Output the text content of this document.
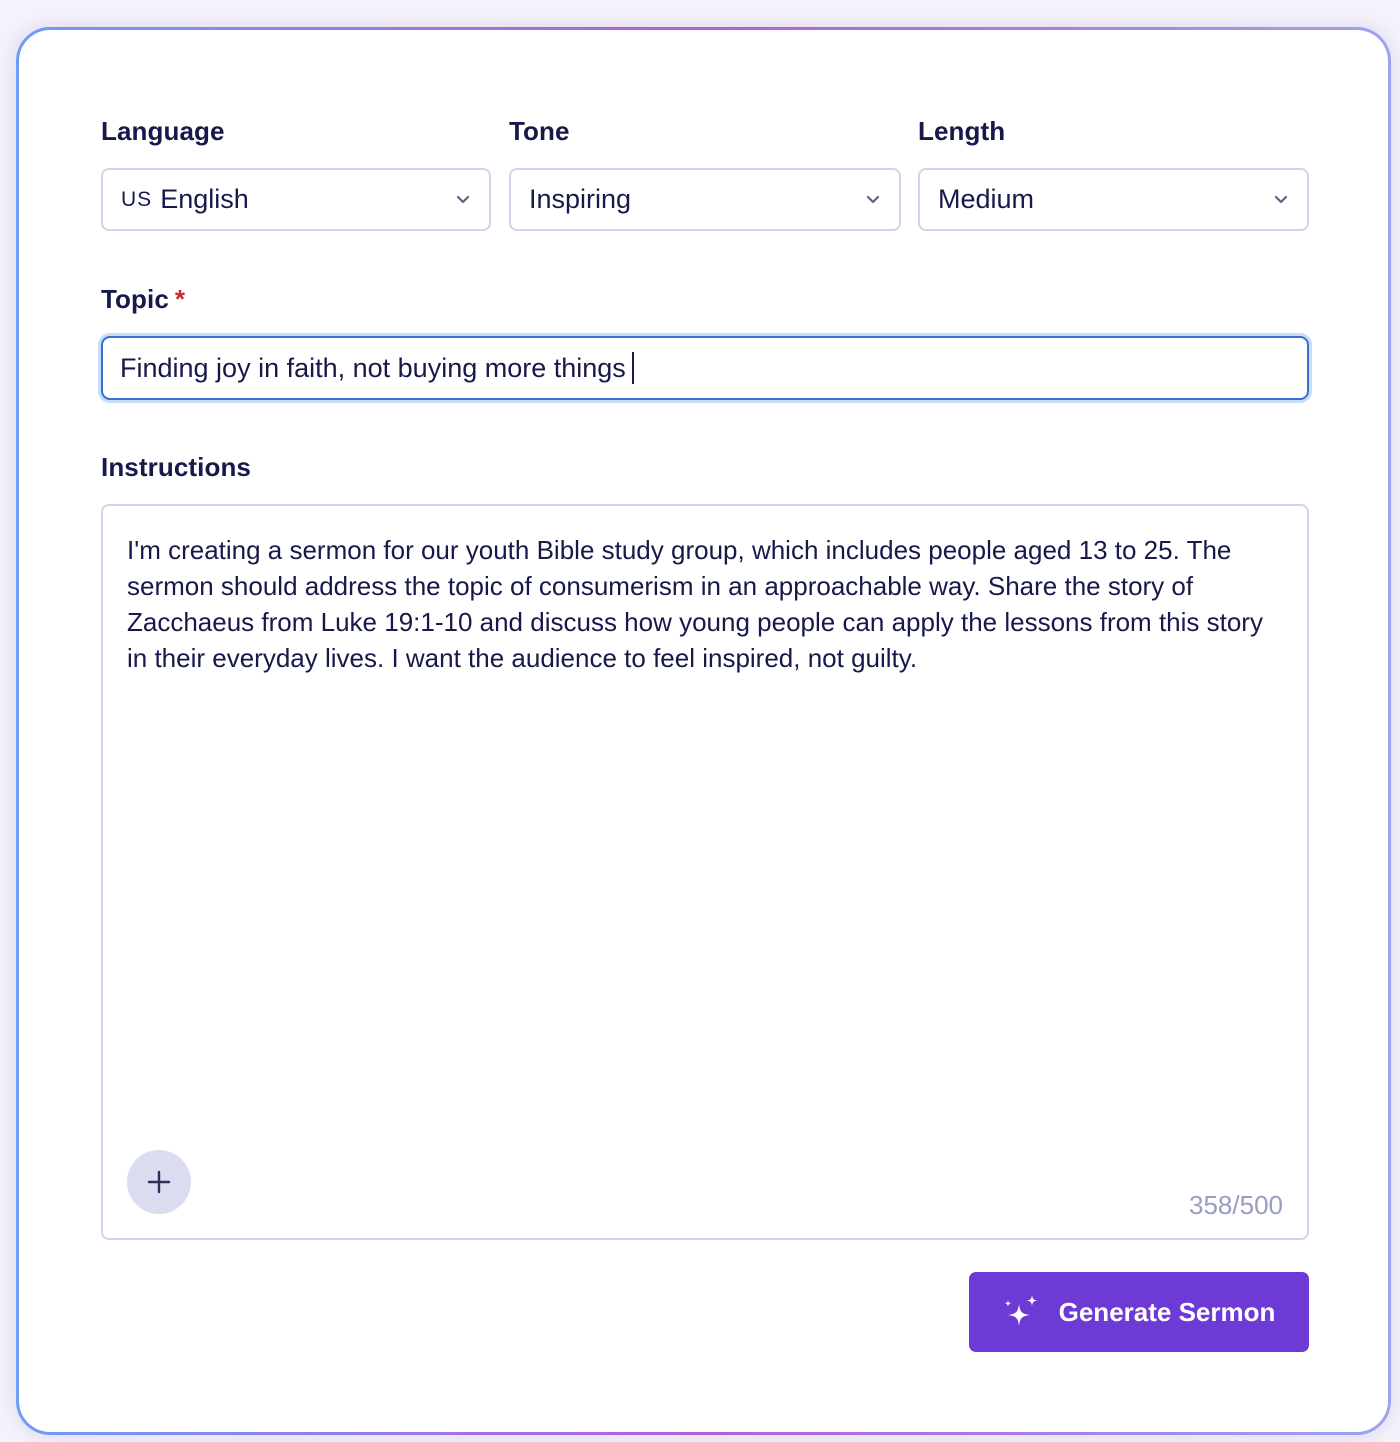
Language
US English
Tone
Inspiring
Length
Medium
Topic *
Finding joy in faith, not buying more things
Instructions
I'm creating a sermon for our youth Bible study group, which includes people aged 13 to 25. The sermon should address the topic of consumerism in an approachable way. Share the story of Zacchaeus from Luke 19:1-10 and discuss how young people can apply the lessons from this story in their everyday lives. I want the audience to feel inspired, not guilty.
358/500
Generate Sermon
